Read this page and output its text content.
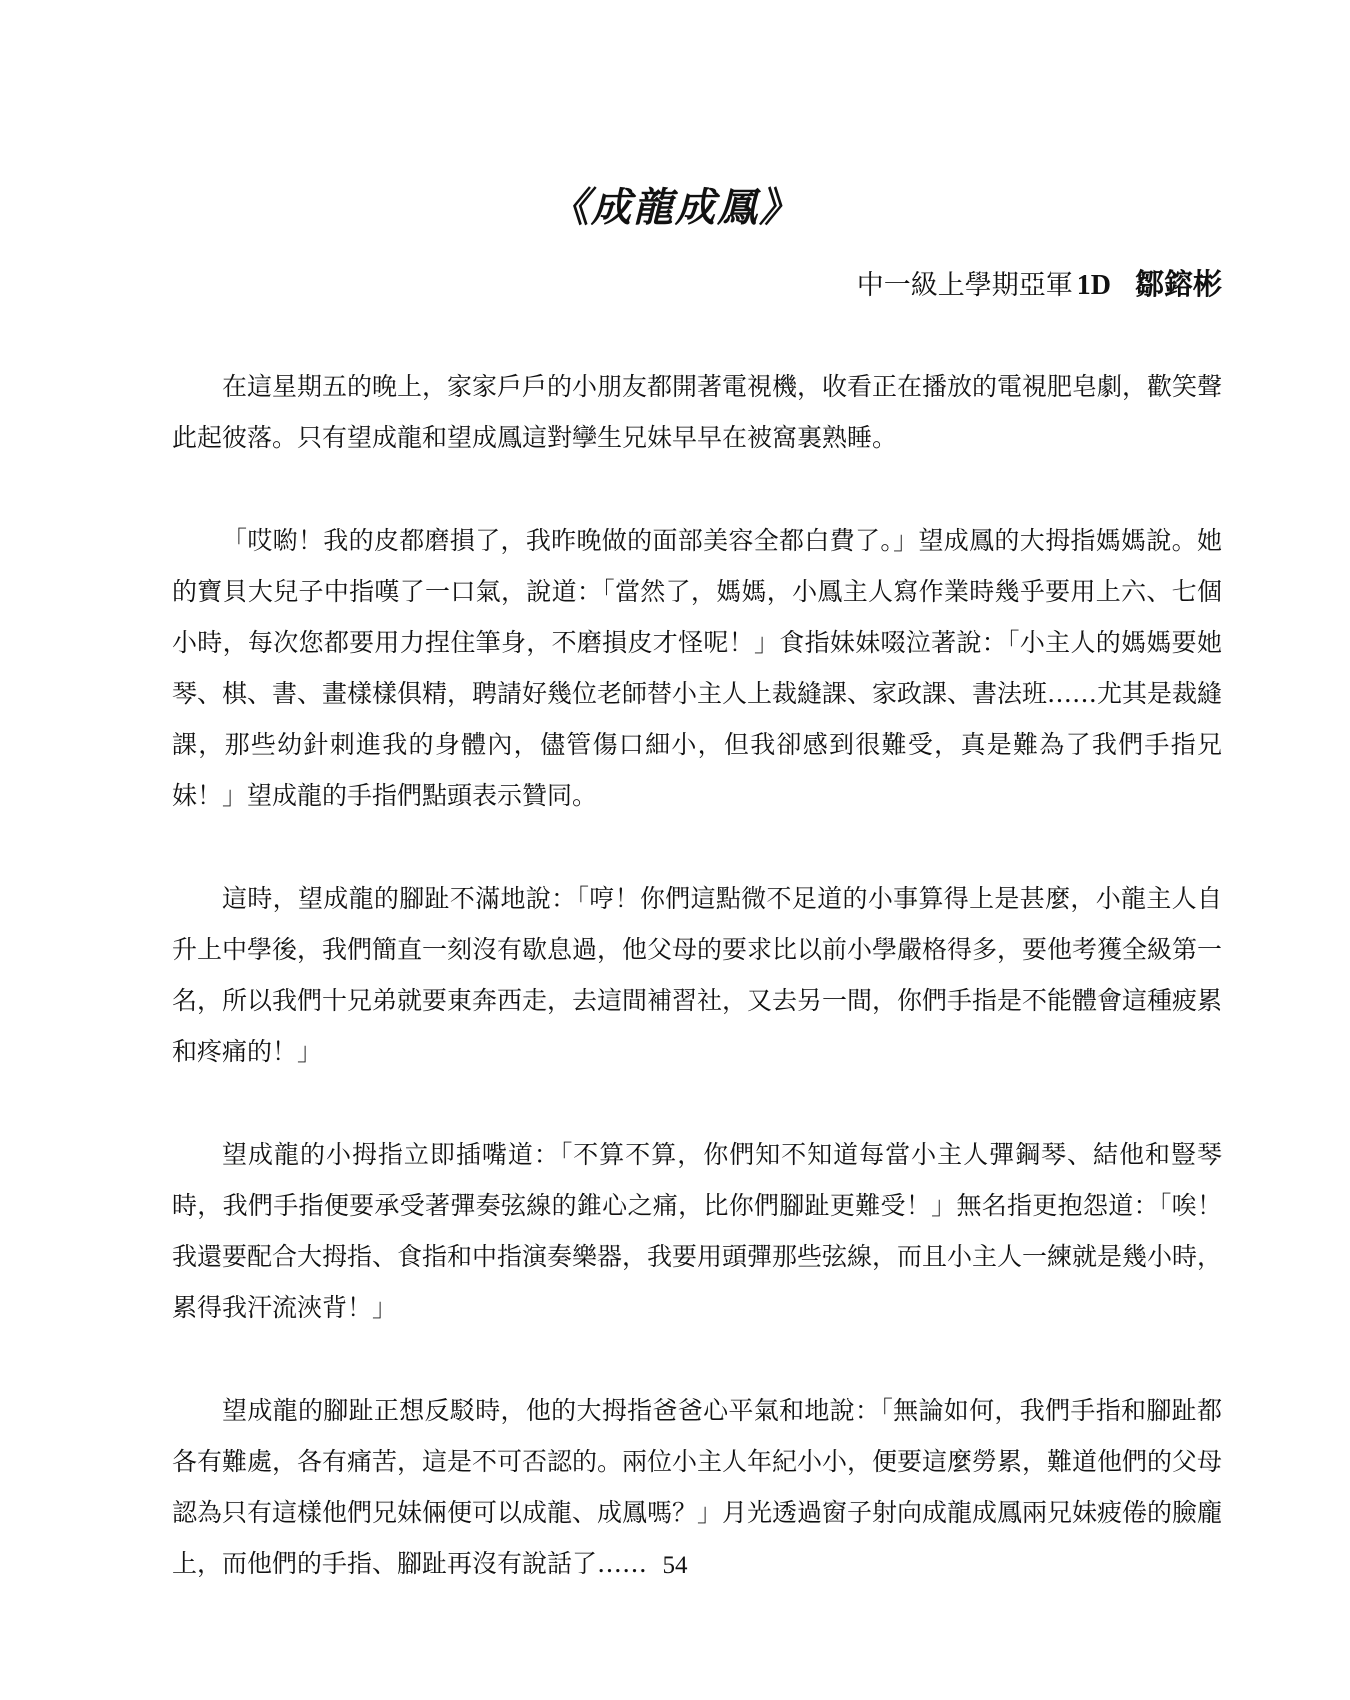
《成龍成鳳》
中一級上學期亞軍 1D 鄒鎔彬

在這星期五的晚上，家家戶戶的小朋友都開著電視機，收看正在播放的電視肥皂劇，歡笑聲此起彼落。只有望成龍和望成鳳這對孿生兄妹早早在被窩裏熟睡。

「哎喲！我的皮都磨損了，我昨晚做的面部美容全都白費了。」望成鳳的大拇指媽媽說。她的寶貝大兒子中指嘆了一口氣，說道：「當然了，媽媽，小鳳主人寫作業時幾乎要用上六、七個小時，每次您都要用力捏住筆身，不磨損皮才怪呢！」食指妹妹啜泣著說：「小主人的媽媽要她琴、棋、書、畫樣樣俱精，聘請好幾位老師替小主人上裁縫課、家政課、書法班……尤其是裁縫課，那些幼針刺進我的身體內，儘管傷口細小，但我卻感到很難受，真是難為了我們手指兄妹！」望成龍的手指們點頭表示贊同。

這時，望成龍的腳趾不滿地說：「哼！你們這點微不足道的小事算得上是甚麼，小龍主人自升上中學後，我們簡直一刻沒有歇息過，他父母的要求比以前小學嚴格得多，要他考獲全級第一名，所以我們十兄弟就要東奔西走，去這間補習社，又去另一間，你們手指是不能體會這種疲累和疼痛的！」

望成龍的小拇指立即插嘴道：「不算不算，你們知不知道每當小主人彈鋼琴、結他和豎琴時，我們手指便要承受著彈奏弦線的錐心之痛，比你們腳趾更難受！」無名指更抱怨道：「唉！我還要配合大拇指、食指和中指演奏樂器，我要用頭彈那些弦線，而且小主人一練就是幾小時，累得我汗流浹背！」

望成龍的腳趾正想反駁時，他的大拇指爸爸心平氣和地說：「無論如何，我們手指和腳趾都各有難處，各有痛苦，這是不可否認的。兩位小主人年紀小小，便要這麼勞累，難道他們的父母認為只有這樣他們兄妹倆便可以成龍、成鳳嗎？」月光透過窗子射向成龍成鳳兩兄妹疲倦的臉龐上，而他們的手指、腳趾再沒有說話了…… 54
